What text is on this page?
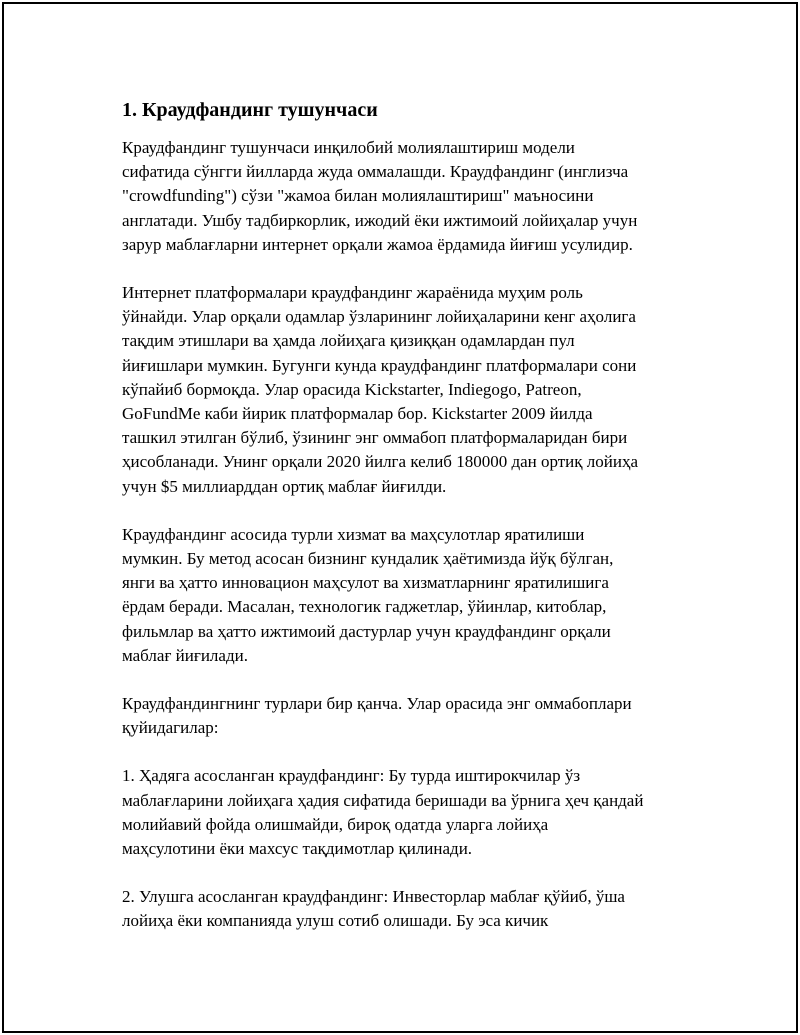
1. Краудфандинг тушунчаси

Краудфандинг тушунчаси инқилобий молиялаштириш модели
сифатида сўнгги йилларда жуда оммалашди. Краудфандинг (инглизча
"crowdfunding") сўзи "жамоа билан молиялаштириш" маъносини
англатади. Ушбу тадбиркорлик, ижодий ёки ижтимоий лойиҳалар учун
зарур маблағларни интернет орқали жамоа ёрдамида йиғиш усулидир.

Интернет платформалари краудфандинг жараёнида муҳим роль
ўйнайди. Улар орқали одамлар ўзларининг лойиҳаларини кенг аҳолига
тақдим этишлари ва ҳамда лойиҳага қизиққан одамлардан пул
йиғишлари мумкин. Бугунги кунда краудфандинг платформалари сони
кўпайиб бормоқда. Улар орасида Kickstarter, Indiegogo, Patreon,
GoFundMe каби йирик платформалар бор. Kickstarter 2009 йилда
ташкил этилган бўлиб, ўзининг энг оммабоп платформаларидан бири
ҳисобланади. Унинг орқали 2020 йилга келиб 180000 дан ортиқ лойиҳа
учун $5 миллиарддан ортиқ маблағ йиғилди.

Краудфандинг асосида турли хизмат ва маҳсулотлар яратилиши
мумкин. Бу метод асосан бизнинг кундалик ҳаётимизда йўқ бўлган,
янги ва ҳатто инновацион маҳсулот ва хизматларнинг яратилишига
ёрдам беради. Масалан, технологик гаджетлар, ўйинлар, китоблар,
фильмлар ва ҳатто ижтимоий дастурлар учун краудфандинг орқали
маблағ йиғилади.

Краудфандингнинг турлари бир қанча. Улар орасида энг оммабоплари
қуйидагилар:

1. Ҳадяга асосланган краудфандинг: Бу турда иштирокчилар ўз
маблағларини лойиҳага ҳадия сифатида беришади ва ўрнига ҳеч қандай
молийавий фойда олишмайди, бироқ одатда уларга лойиҳа
маҳсулотини ёки махсус тақдимотлар қилинади.

2. Улушга асосланган краудфандинг: Инвесторлар маблағ қўйиб, ўша
лойиҳа ёки компанияда улуш сотиб олишади. Бу эса кичик
